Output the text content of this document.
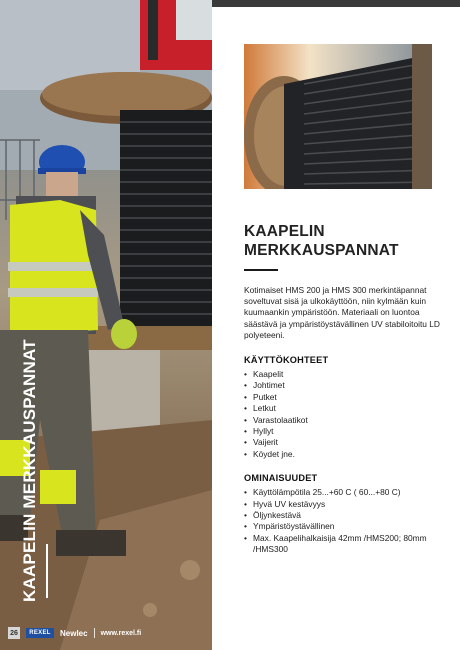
KAAPELIN MERKKAUSPANNAT
26	REXEL	Newlec www.rexel.fi
KAAPELIN
MERKKAUSPANNAT

Kotimaiset HMS 200 ja HMS 300 merkintäpannat soveltuvat sisä ja ulkokäyttöön, niin kylmään kuin kuumaankin ympäristöön. Materiaali on luontoa säästävä ja ympäristöystävällinen UV stabiloitoitu LD polyeteeni.

KÄYTTÖKOHTEET
• Kaapelit
• Johtimet
• Putket
• Letkut
• Varastolaatikot
• Hyllyt
• Vaijerit
• Köydet jne.
OMINAISUUDET
• Käyttölämpötila 25...+60 C ( 60...+80 C)
• Hyvä UV kestävyys
• Öljynkestävä
• Ympäristöystävällinen
• Max. Kaapelihalkaisija 42mm /HMS200; 80mm /HMS300
